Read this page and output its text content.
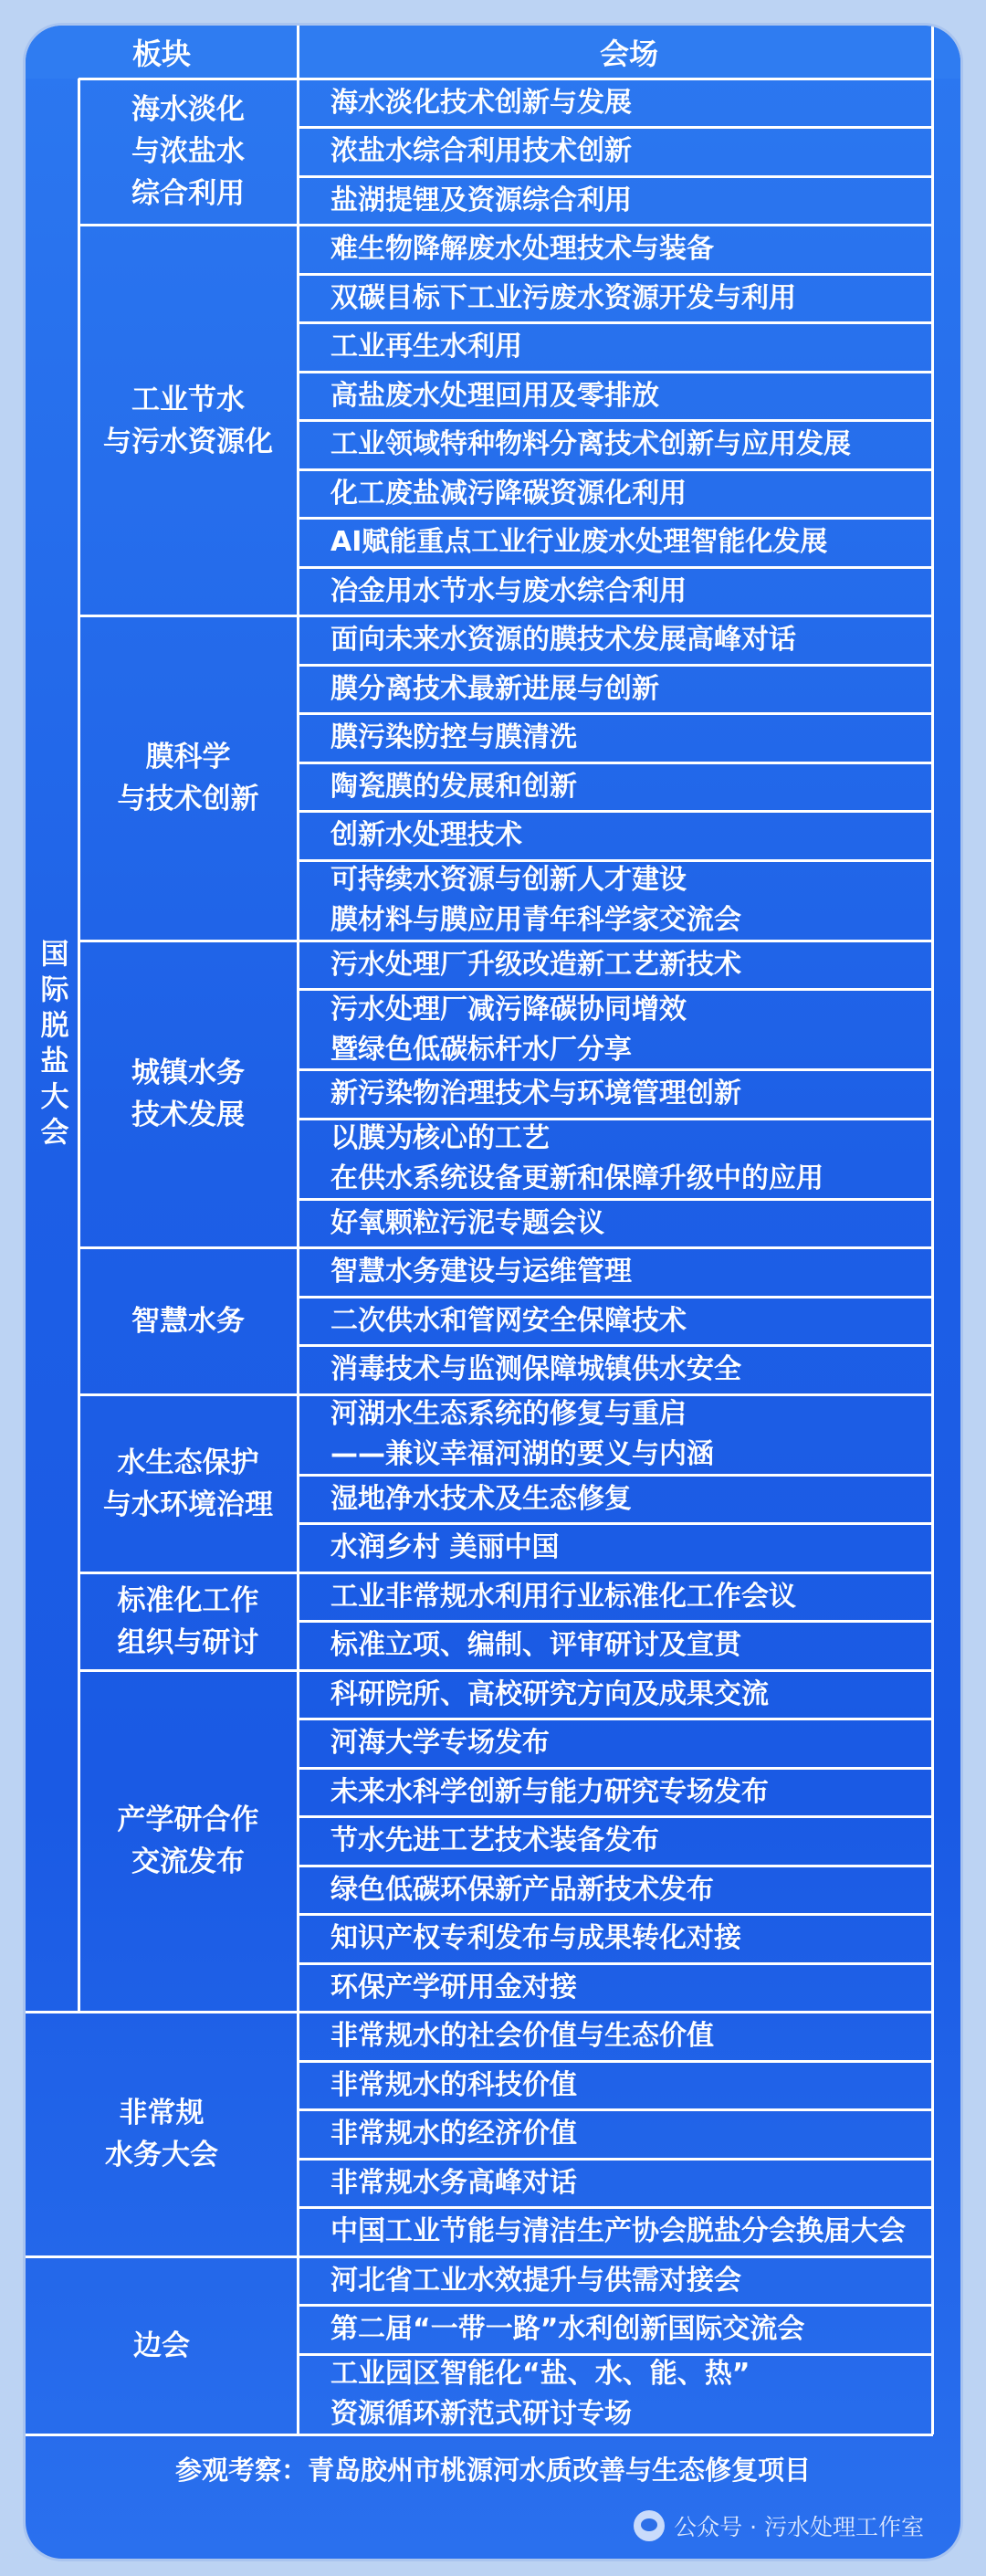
板块	会场
海水淡化技术创新与发展
浓盐水综合利用技术创新
盐湖提锂及资源综合利用
海水淡化
与浓盐水
综合利用
难生物降解废水处理技术与装备
双碳目标下工业污废水资源开发与利用
工业再生水利用
高盐废水处理回用及零排放
工业领域特种物料分离技术创新与应用发展
化工废盐减污降碳资源化利用
AI赋能重点工业行业废水处理智能化发展
冶金用水节水与废水综合利用
工业节水
与污水资源化
面向未来水资源的膜技术发展高峰对话
膜分离技术最新进展与创新
膜污染防控与膜清洗
陶瓷膜的发展和创新
创新水处理技术
可持续水资源与创新人才建设
膜材料与膜应用青年科学家交流会
膜科学
与技术创新
污水处理厂升级改造新工艺新技术
污水处理厂减污降碳协同增效
暨绿色低碳标杆水厂分享
新污染物治理技术与环境管理创新
以膜为核心的工艺
在供水系统设备更新和保障升级中的应用
好氧颗粒污泥专题会议
城镇水务
技术发展
智慧水务建设与运维管理
二次供水和管网安全保障技术
消毒技术与监测保障城镇供水安全
智慧水务
河湖水生态系统的修复与重启
——兼议幸福河湖的要义与内涵
湿地净水技术及生态修复
水润乡村 美丽中国
水生态保护
与水环境治理
工业非常规水利用行业标准化工作会议
标准立项、编制、评审研讨及宣贯
标准化工作
组织与研讨
科研院所、高校研究方向及成果交流
河海大学专场发布
未来水科学创新与能力研究专场发布
节水先进工艺技术装备发布
绿色低碳环保新产品新技术发布
知识产权专利发布与成果转化对接
环保产学研用金对接
产学研合作
交流发布
非常规水的社会价值与生态价值
非常规水的科技价值
非常规水的经济价值
非常规水务高峰对话
中国工业节能与清洁生产协会脱盐分会换届大会
非常规
水务大会
河北省工业水效提升与供需对接会
第二届“一带一路”水利创新国际交流会
工业园区智能化“盐、水、能、热”
资源循环新范式研讨专场
边会
国际脱盐大会
参观考察：青岛胶州市桃源河水质改善与生态修复项目
公众号 · 污水处理工作室
